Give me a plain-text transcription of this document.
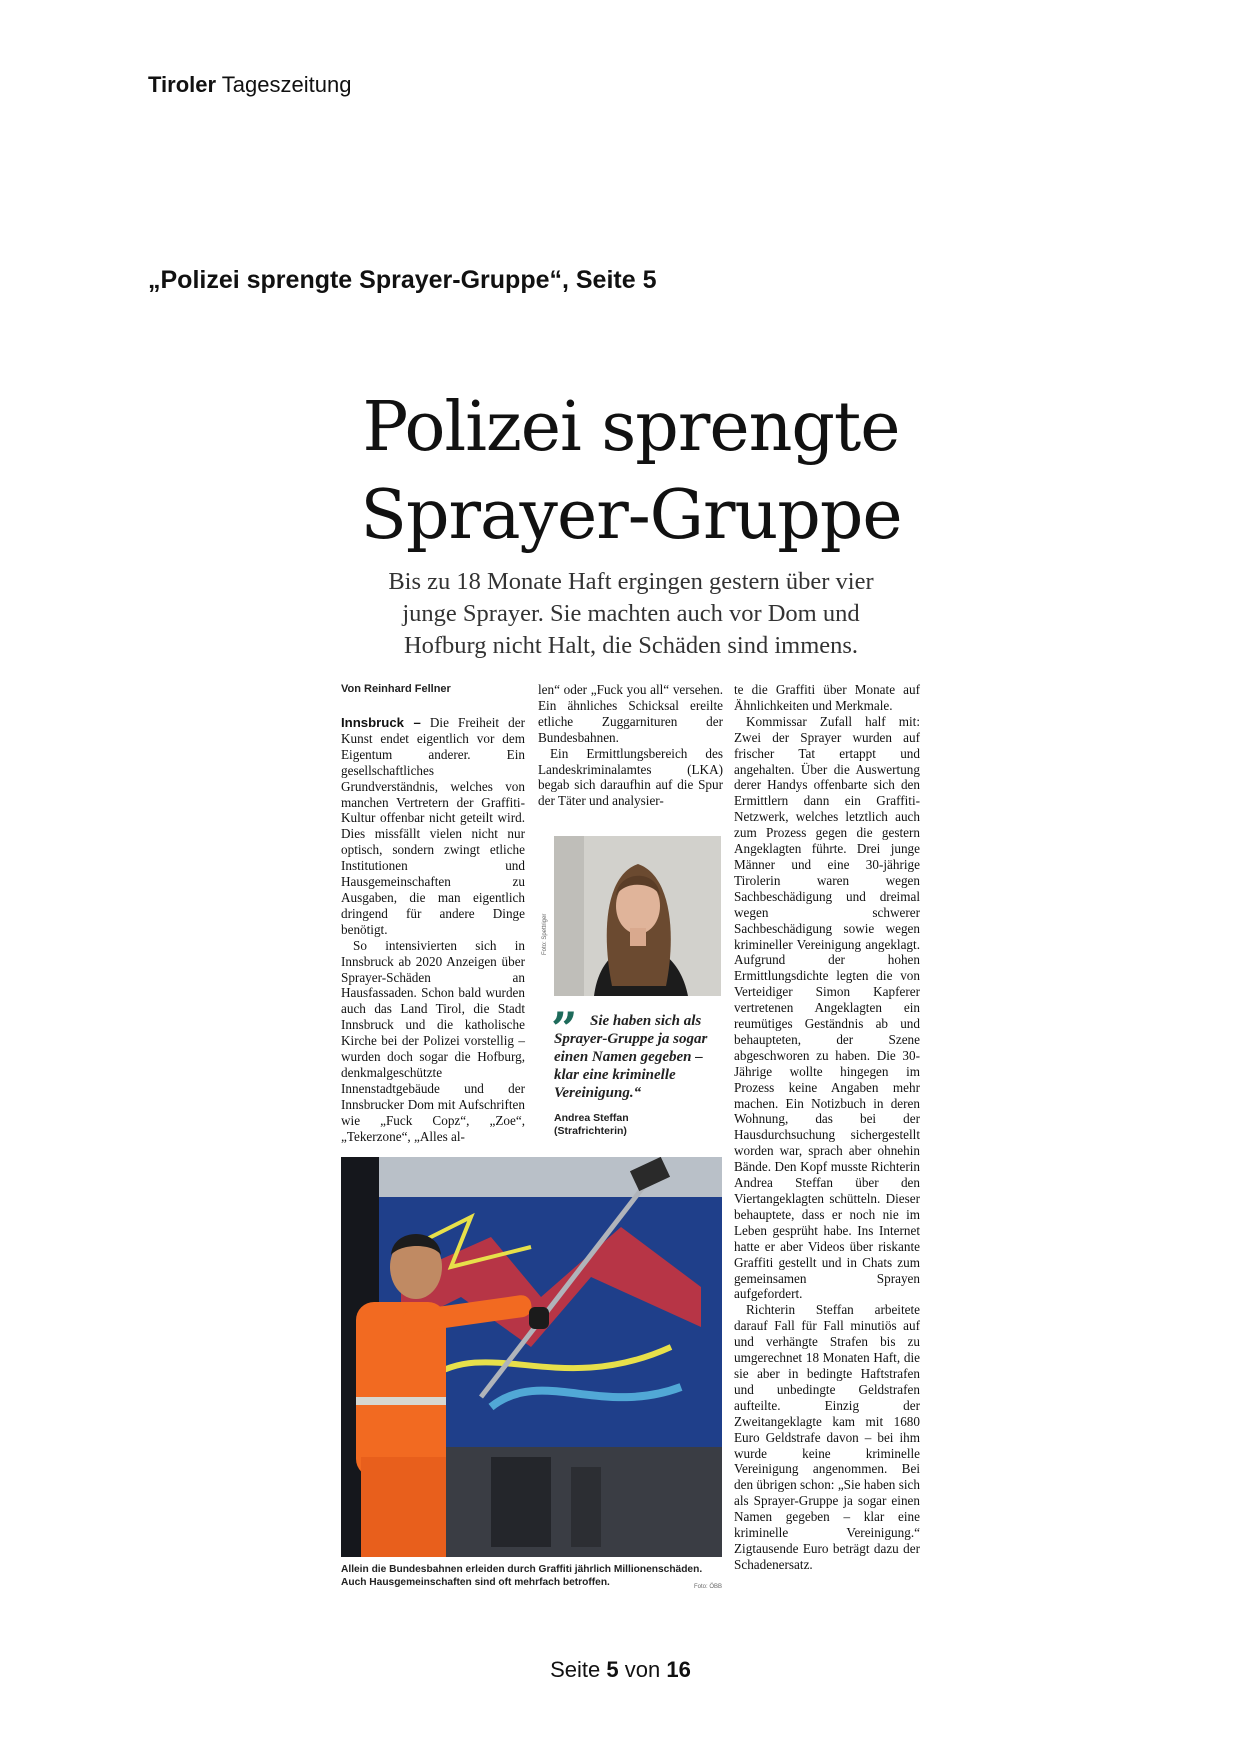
Tiroler Tageszeitung
„Polizei sprengte Sprayer-Gruppe“, Seite 5
Polizei sprengte
Sprayer-Gruppe
Bis zu 18 Monate Haft ergingen gestern über vier
junge Sprayer. Sie machten auch vor Dom und
Hofburg nicht Halt, die Schäden sind immens.
Von Reinhard Fellner

Innsbruck – Die Freiheit der Kunst endet eigentlich vor dem Eigentum anderer. Ein gesellschaftliches Grundverständnis, welches von manchen Vertretern der Graffiti-Kultur offenbar nicht geteilt wird. Dies missfällt vielen nicht nur optisch, sondern zwingt etliche Institutionen und Hausgemeinschaften zu Ausgaben, die man eigentlich dringend für andere Dinge benötigt.

So intensivierten sich in Innsbruck ab 2020 Anzeigen über Sprayer-Schäden an Hausfassaden. Schon bald wurden auch das Land Tirol, die Stadt Innsbruck und die katholische Kirche bei der Polizei vorstellig – wurden doch sogar die Hofburg, denkmalgeschützte Innenstadtgebäude und der Innsbrucker Dom mit Aufschriften wie „Fuck Copz“, „Zoe“, „Tekerzone“, „Alles al-

len“ oder „Fuck you all“ versehen. Ein ähnliches Schicksal ereilte etliche Zuggarnituren der Bundesbahnen.

Ein Ermittlungsbereich des Landeskriminalamtes (LKA) begab sich daraufhin auf die Spur der Täter und analysier-

Foto: Spettriger
” Sie haben sich als Sprayer-Gruppe ja sogar einen Namen gegeben – klar eine kriminelle Vereinigung.“
Andrea Steffan
(Strafrichterin)

te die Graffiti über Monate auf Ähnlichkeiten und Merkmale.

Kommissar Zufall half mit: Zwei der Sprayer wurden auf frischer Tat ertappt und angehalten. Über die Auswertung derer Handys offenbarte sich den Ermittlern dann ein Graffiti-Netzwerk, welches letztlich auch zum Prozess gegen die gestern Angeklagten führte. Drei junge Männer und eine 30-jährige Tirolerin waren wegen Sachbeschädigung und dreimal wegen schwerer Sachbeschädigung sowie wegen krimineller Vereinigung angeklagt. Aufgrund der hohen Ermittlungsdichte legten die von Verteidiger Simon Kapferer vertretenen Angeklagten ein reumütiges Geständnis ab und behaupteten, der Szene abgeschworen zu haben. Die 30-Jährige wollte hingegen im Prozess keine Angaben mehr machen. Ein Notizbuch in deren Wohnung, das bei der Hausdurchsuchung sichergestellt worden war, sprach aber ohnehin Bände. Den Kopf musste Richterin Andrea Steffan über den Viertangeklagten schütteln. Dieser behauptete, dass er noch nie im Leben gesprüht habe. Ins Internet hatte er aber Videos über riskante Graffiti gestellt und in Chats zum gemeinsamen Sprayen aufgefordert.

Richterin Steffan arbeitete darauf Fall für Fall minutiös auf und verhängte Strafen bis zu umgerechnet 18 Monaten Haft, die sie aber in bedingte Haftstrafen und unbedingte Geldstrafen aufteilte. Einzig der Zweitangeklagte kam mit 1680 Euro Geldstrafe davon – bei ihm wurde keine kriminelle Vereinigung angenommen. Bei den übrigen schon: „Sie haben sich als Sprayer-Gruppe ja sogar einen Namen gegeben – klar eine kriminelle Vereinigung.“ Zigtausende Euro beträgt dazu der Schadenersatz.

Allein die Bundesbahnen erleiden durch Graffiti jährlich Millionenschäden. Auch Hausgemeinschaften sind oft mehrfach betroffen.	Foto: ÖBB
Seite 5 von 16
